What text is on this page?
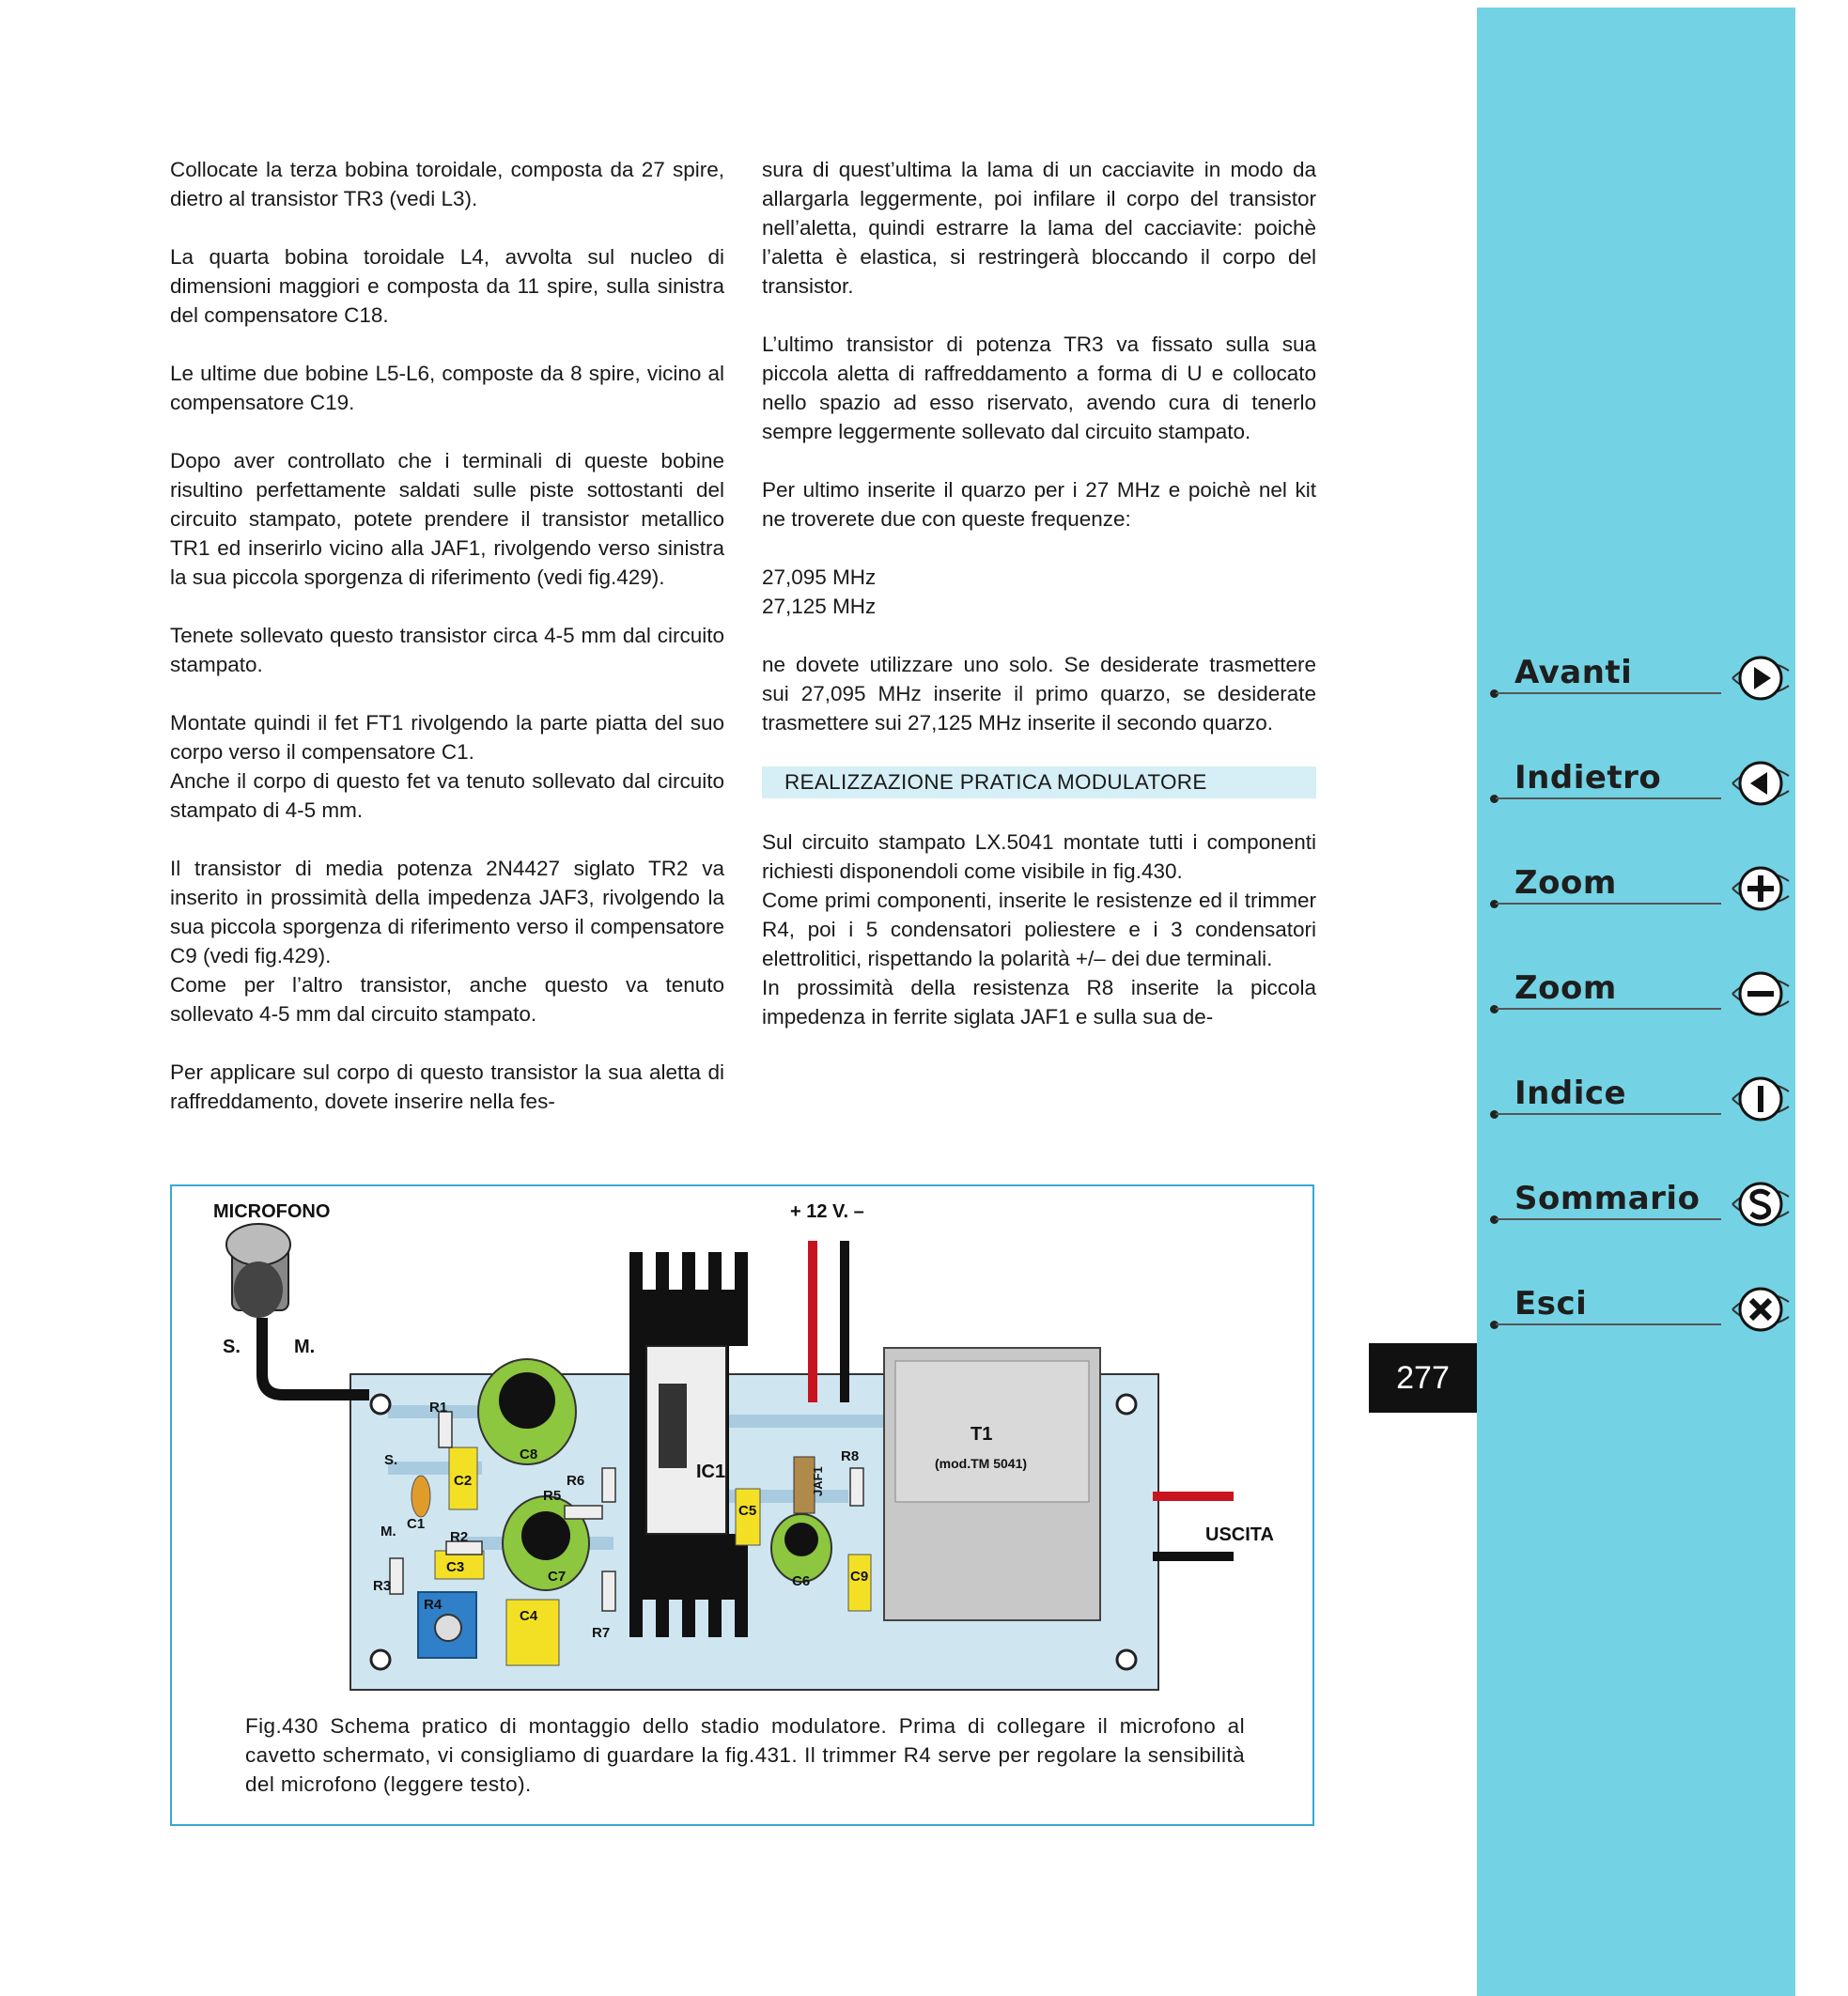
Collocate la terza bobina toroidale, composta da 27 spire, dietro al transistor TR3 (vedi L3).

La quarta bobina toroidale L4, avvolta sul nucleo di dimensioni maggiori e composta da 11 spire, sulla sinistra del compensatore C18.

Le ultime due bobine L5-L6, composte da 8 spire, vicino al compensatore C19.

Dopo aver controllato che i terminali di queste bobine risultino perfettamente saldati sulle piste sottostanti del circuito stampato, potete prendere il transistor metallico TR1 ed inserirlo vicino alla JAF1, rivolgendo verso sinistra la sua piccola sporgenza di riferimento (vedi fig.429).

Tenete sollevato questo transistor circa 4-5 mm dal circuito stampato.

Montate quindi il fet FT1 rivolgendo la parte piatta del suo corpo verso il compensatore C1.

Anche il corpo di questo fet va tenuto sollevato dal circuito stampato di 4-5 mm.

Il transistor di media potenza 2N4427 siglato TR2 va inserito in prossimità della impedenza JAF3, rivolgendo la sua piccola sporgenza di riferimento verso il compensatore C9 (vedi fig.429).

Come per l’altro transistor, anche questo va tenuto sollevato 4-5 mm dal circuito stampato.

Per applicare sul corpo di questo transistor la sua aletta di raffreddamento, dovete inserire nella fes-

sura di quest’ultima la lama di un cacciavite in modo da allargarla leggermente, poi infilare il corpo del transistor nell’aletta, quindi estrarre la lama del cacciavite: poichè l’aletta è elastica, si restringerà bloccando il corpo del transistor.

L’ultimo transistor di potenza TR3 va fissato sulla sua piccola aletta di raffreddamento a forma di U e collocato nello spazio ad esso riservato, avendo cura di tenerlo sempre leggermente sollevato dal circuito stampato.

Per ultimo inserite il quarzo per i 27 MHz e poichè nel kit ne troverete due con queste frequenze:

27,095 MHz

27,125 MHz

ne dovete utilizzare uno solo. Se desiderate trasmettere sui 27,095 MHz inserite il primo quarzo, se desiderate trasmettere sui 27,125 MHz inserite il secondo quarzo.

REALIZZAZIONE PRATICA MODULATORE

Sul circuito stampato LX.5041 montate tutti i componenti richiesti disponendoli come visibile in fig.430.

Come primi componenti, inserite le resistenze ed il trimmer R4, poi i 5 condensatori poliestere e i 3 condensatori elettrolitici, rispettando la polarità +/– dei due terminali.

In prossimità della resistenza R8 inserite la piccola impedenza in ferrite siglata JAF1 e sulla sua de-

MICROFONO
S.	M.
+ 12 V. –
IC1
T1
(mod.TM 5041)
USCITA
R1
R2
R3
R4
R5
R6
R7
R8
C1
C2
C3
C4
C5
C6
C7
C8
C9
JAF1
S.
M.
Fig.430 Schema pratico di montaggio dello stadio modulatore. Prima di collegare il microfono al cavetto schermato, vi consigliamo di guardare la fig.431. Il trimmer R4 serve per regolare la sensibilità del microfono (leggere testo).
Avanti
Indietro
Zoom
Zoom
Indice
Sommario
Esci
277
